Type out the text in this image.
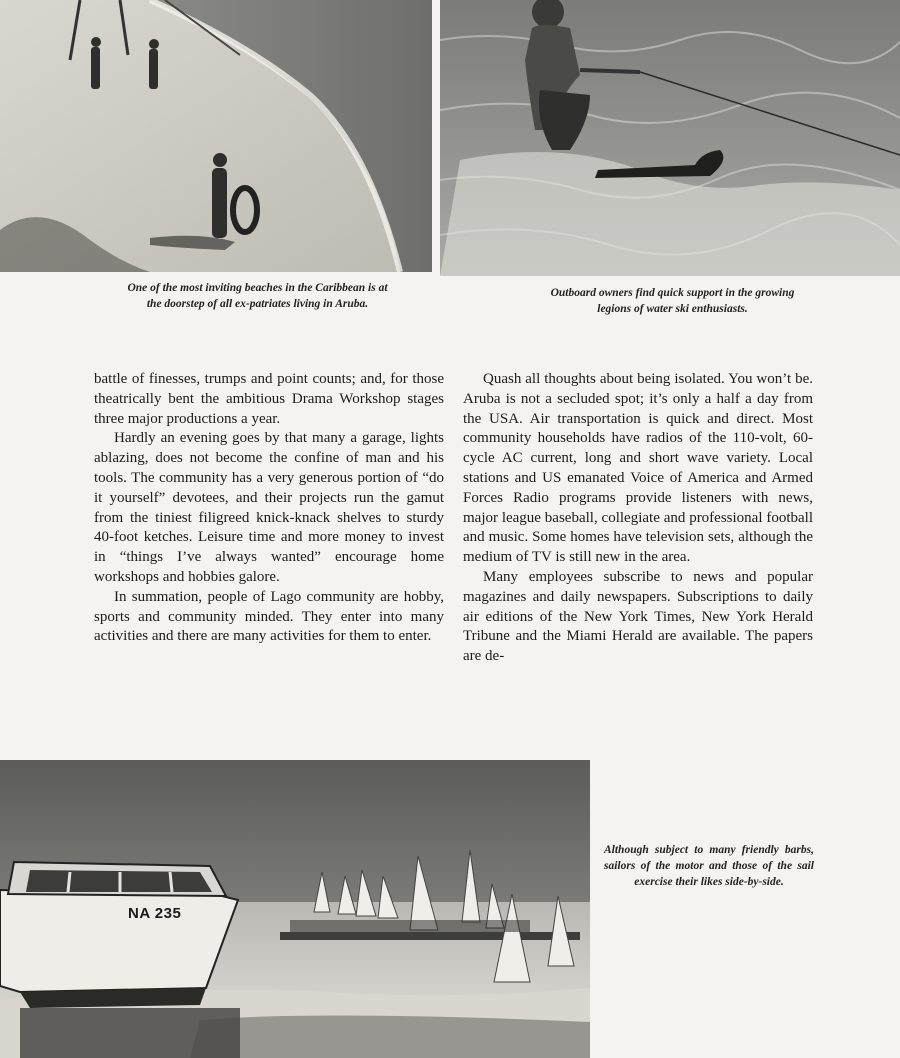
One of the most inviting beaches in the Caribbean is at the doorstep of all ex-patriates living in Aruba.
Outboard owners find quick support in the growing legions of water ski enthusiasts.

battle of finesses, trumps and point counts; and, for those theatrically bent the ambitious Drama Workshop stages three major productions a year.

Hardly an evening goes by that many a garage, lights ablazing, does not become the confine of man and his tools. The community has a very generous portion of “do it yourself” devotees, and their projects run the gamut from the tiniest filigreed knick-knack shelves to sturdy 40-foot ketches. Leisure time and more money to invest in “things I’ve always wanted” encourage home workshops and hobbies galore.

In summation, people of Lago community are hobby, sports and community minded. They enter into many activities and there are many activities for them to enter.

Quash all thoughts about being isolated. You won’t be. Aruba is not a secluded spot; it’s only a half a day from the USA. Air transportation is quick and direct. Most community households have radios of the 110-volt, 60-cycle AC current, long and short wave variety. Local stations and US emanated Voice of America and Armed Forces Radio programs provide listeners with news, major league baseball, collegiate and professional football and music. Some homes have television sets, although the medium of TV is still new in the area.

Many employees subscribe to news and popular magazines and daily newspapers. Subscriptions to daily air editions of the New York Times, New York Herald Tribune and the Miami Herald are available. The papers are de-

NA 235
Although subject to many friendly barbs, sailors of the motor and those of the sail exercise their likes side-by-side.
